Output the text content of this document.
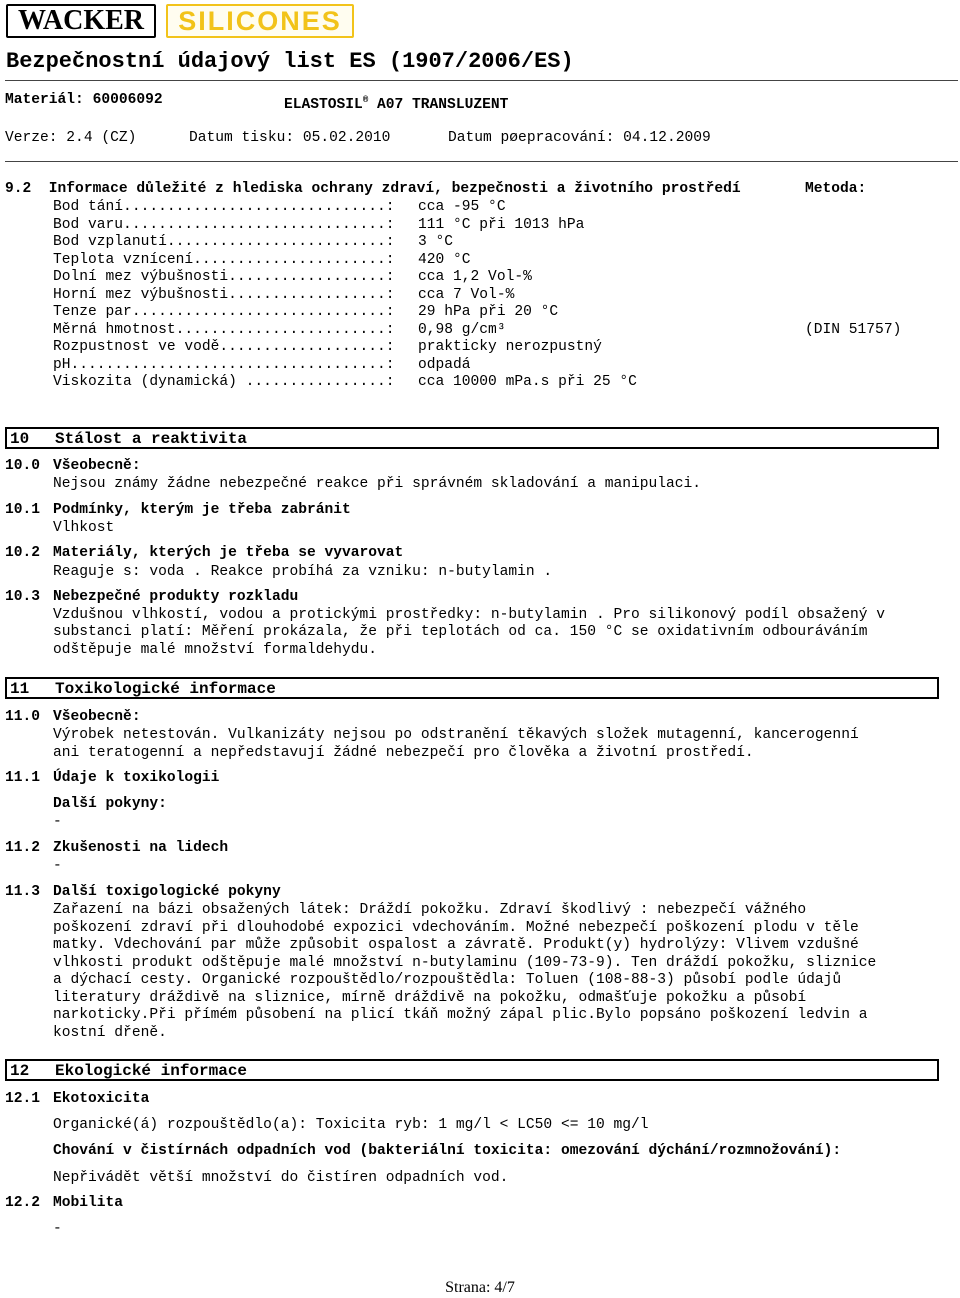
WACKER	SILICONES
Bezpečnostní údajový list ES (1907/2006/ES)
Materiál: 60006092	ELASTOSIL® A07 TRANSLUZENT
Verze: 2.4 (CZ)	Datum tisku: 05.02.2010	Datum pøepracování: 04.12.2009
9.2  Informace důležité z hlediska ochrany zdraví, bezpečnosti a životního prostředí	Metoda:
Bod tání..............................: cca -95 °C
Bod varu..............................: 111 °C při 1013 hPa
Bod vzplanutí.........................: 3 °C
Teplota vznícení......................: 420 °C
Dolní mez výbušnosti..................: cca 1,2 Vol-%
Horní mez výbušnosti..................: cca 7 Vol-%
Tenze par.............................: 29 hPa při 20 °C
Měrná hmotnost........................: 0,98 g/cm³	(DIN 51757)
Rozpustnost ve vodě...................: prakticky nerozpustný
pH....................................: odpadá
Viskozita (dynamická) ................: cca 10000 mPa.s při 25 °C
10 Stálost a reaktivita
10.0 Všeobecně:
Nejsou známy žádne nebezpečné reakce při správném skladování a manipulaci.
10.1 Podmínky, kterým je třeba zabránit
Vlhkost
10.2 Materiály, kterých je třeba se vyvarovat
Reaguje s: voda . Reakce probíhá za vzniku: n-butylamin .
10.3 Nebezpečné produkty rozkladu
Vzdušnou vlhkostí, vodou a protickými prostředky: n-butylamin . Pro silikonový podíl obsažený v
substanci platí: Měření prokázala, že při teplotách od ca. 150 °C se oxidativním odbouráváním
odštěpuje malé množství formaldehydu.
11 Toxikologické informace
11.0 Všeobecně:
Výrobek netestován. Vulkanizáty nejsou po odstranění těkavých složek mutagenní, kancerogenní
ani teratogenní a nepředstavují žádné nebezpečí pro člověka a životní prostředí.
11.1 Údaje k toxikologii
Další pokyny:
-
11.2 Zkušenosti na lidech
-
11.3 Další toxigologické pokyny
Zařazení na bázi obsažených látek: Dráždí pokožku. Zdraví škodlivý : nebezpečí vážného
poškození zdraví při dlouhodobé expozici vdechováním. Možné nebezpečí poškození plodu v těle
matky. Vdechování par může způsobit ospalost a závratě. Produkt(y) hydrolýzy: Vlivem vzdušné
vlhkosti produkt odštěpuje malé množství n-butylaminu (109-73-9). Ten dráždí pokožku, sliznice
a dýchací cesty. Organické rozpouštědlo/rozpouštědla: Toluen (108-88-3) působí podle údajů
literatury dráždivě na sliznice, mírně dráždivě na pokožku, odmašťuje pokožku a působí
narkoticky.Při přímém působení na plicí tkáň možný zápal plic.Bylo popsáno poškození ledvin a
kostní dřeně.
12 Ekologické informace
12.1 Ekotoxicita
Organické(á) rozpouštědlo(a): Toxicita ryb: 1 mg/l < LC50 <= 10 mg/l
Chování v čistírnách odpadních vod (bakteriální toxicita: omezování dýchání/rozmnožování):
Nepřivádět větší množství do čistíren odpadních vod.
12.2 Mobilita
-
Strana: 4/7
